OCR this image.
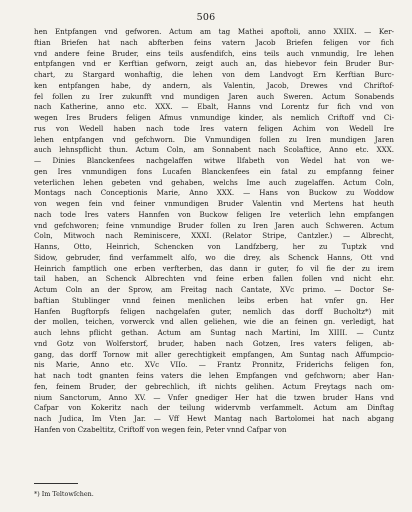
506
hen Entpfangen vnd gefworen. Actum am tag Mathei apoftoli, anno XXIIX. — Ker-
ftian Briefen hat nach abfterben feins vatern Jacob Briefen feligen vor fich
vnd andere feine Bruder, eins teils ausfendifch, eins teils auch vnmundig, Ire lehen
entpfangen vnd er Kerftian gefworn, zeigt auch an, das hiebevor fein Bruder Bur-
chart, zu Stargard wonhaftig, die lehen von dem Landvogt Ern Kerftian Burc-
ken entpfangen habe, dy andern, als Valentin, Jacob, Drewes vnd Chriftof-
fel follen zu Irer zukunfft vnd mundigen Jaren auch Sweren. Actum Sonabends
nach Katherine, anno etc. XXX. — Ebalt, Hanns vnd Lorentz fur fich vnd von
wegen Ires Bruders feligen Afmus vnmundige kinder, als nemlich Criftoff vnd Ci-
rus von Wedell haben nach tode Ires vatern feligen Achim von Wedell Ire
lehen entpfangen vnd gefchworn. Die Vnmundigen follen zu Iren mundigen Jaren
auch lehnspflicht thun. Actum Coln, am Sonnabent nach Scolaftice, Anno etc. XXX.
— Dinies Blanckenfees nachgelaffen witwe Ilfabeth von Wedel hat von we-
gen Ires vnmundigen fons Lucafen Blanckenfees ein fatal zu empfanng feiner
veterlichen lehen gebeten vnd gehaben, welchs Ime auch zugelaffen. Actum Coln,
Montags nach Conceptionis Marie, Anno XXX. — Hans von Buckow zu Woddow
von wegen fein vnd feiner vnmundigen Bruder Valentin vnd Mertens hat heuth
nach tode Ires vaters Hannfen von Buckow feligen Ire veterlich lehn empfangen
vnd gefchworen; feine vnmundige Bruder follen zu Iren Jaren auch Schweren. Actum
Coln, Mitwoch nach Reminiscere, XXXI. (Relator Stripe, Cantzler.) — Albrecht,
Hanns, Otto, Heinrich, Schencken von Landfzberg, her zu Tuptzk vnd
Sidow, gebruder, find verfammelt alfo, wo die drey, als Schenck Hanns, Ott vnd
Heinrich famptlich one erben verfterben, das dann ir guter, fo vil fie der zu irem
tail haben, an Schenck Albrechten vnd feine erben fallen follen vnd nicht ehr.
Actum Coln an der Sprow, am Freitag nach Cantate, XVc primo. — Doctor Se-
baftian Stublinger vnnd feinen menlichen leibs erben hat vnfer gn. Her
Hanfen Bugftorpfs feligen nachgelafen guter, nemlich das dorff Bucholtz*) mit
der mollen, teichen, vorwerck vnd allen geliehen, wie die an feinen gn. verledigt, hat
auch lehns pflicht gethan. Actum am Suntag nach Martini, Im XIIII. — Cuntz
vnd Gotz von Wolferstorf, bruder, haben nach Gotzen, Ires vaters feligen, ab-
gang, das dorff Tornow mit aller gerechtigkeit empfangen, Am Suntag nach Affumpcio-
nis Marie, Anno etc. XVc VIIo. — Frantz Pronnitz, Friderichs feligen fon,
hat nach todt gnanten feins vaters die lehen Empfangen vnd gefchworn; aber Han-
fen, feinem Bruder, der gebrechlich, ift nichts gelihen. Actum Freytags nach om-
nium Sanctorum, Anno XV. — Vnfer gnediger Her hat die tzwen bruder Hans vnd
Cafpar von Kokeritz nach der teilung widervmb verfammelt. Actum am Dinftag
nach Judica, Im Vten Jar. — Vff Hewt Mantag nach Bartolomei hat nach abgang
Hanfen von Czabeltitz, Criftoff von wegen fein, Peter vnnd Cafpar von
*) Im Teltowſchen.
